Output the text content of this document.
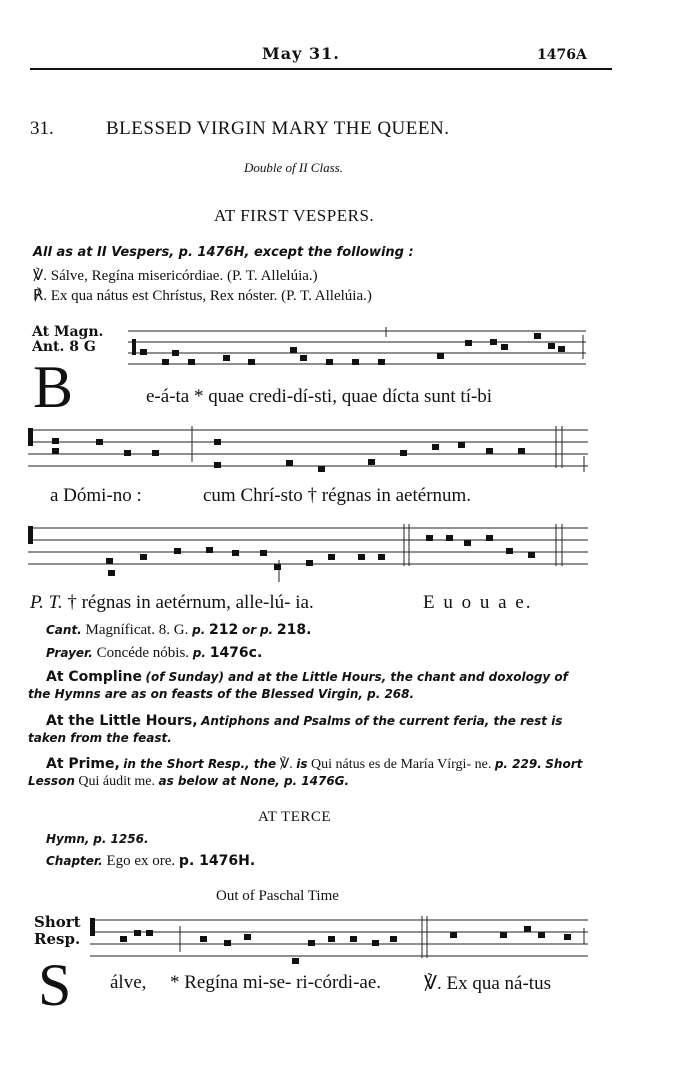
May 31.	1476A
31.	BLESSED VIRGIN MARY THE QUEEN.
Double of II Class.
AT FIRST VESPERS.
All as at II Vespers, p. 1476H, except the following :
℣. Sálve, Regína misericórdiae. (P. T. Allelúia.)
℟. Ex qua nátus est Chrístus, Rex nóster. (P. T. Allelúia.)
At Magn.
Ant. 8 G
B	e-á-ta * quae credi-dí-sti, quae dícta sunt tí-bi
a Dómi-no :	cum Chrí-sto † régnas in aetérnum.
P. T. † régnas in aetérnum, alle-lú- ia.	E u o u a e.
Cant. Magníficat. 8. G. p. 212 or p. 218.
Prayer. Concéde nóbis. p. 1476c.
At Compline (of Sunday) and at the Little Hours, the chant and doxology of the Hymns are as on feasts of the Blessed Virgin, p. 268.
At the Little Hours, Antiphons and Psalms of the current feria, the rest is taken from the feast.
At Prime, in the Short Resp., the ℣. is Qui nátus es de María Vírgi- ne. p. 229. Short Lesson Qui áudit me. as below at None, p. 1476G.
AT TERCE
Hymn, p. 1256.
Chapter. Ego ex ore. p. 1476H.
Out of Paschal Time
Short
Resp.
S álve, * Regína mi-se- ri-córdi-ae. ℣. Ex qua ná-tus
